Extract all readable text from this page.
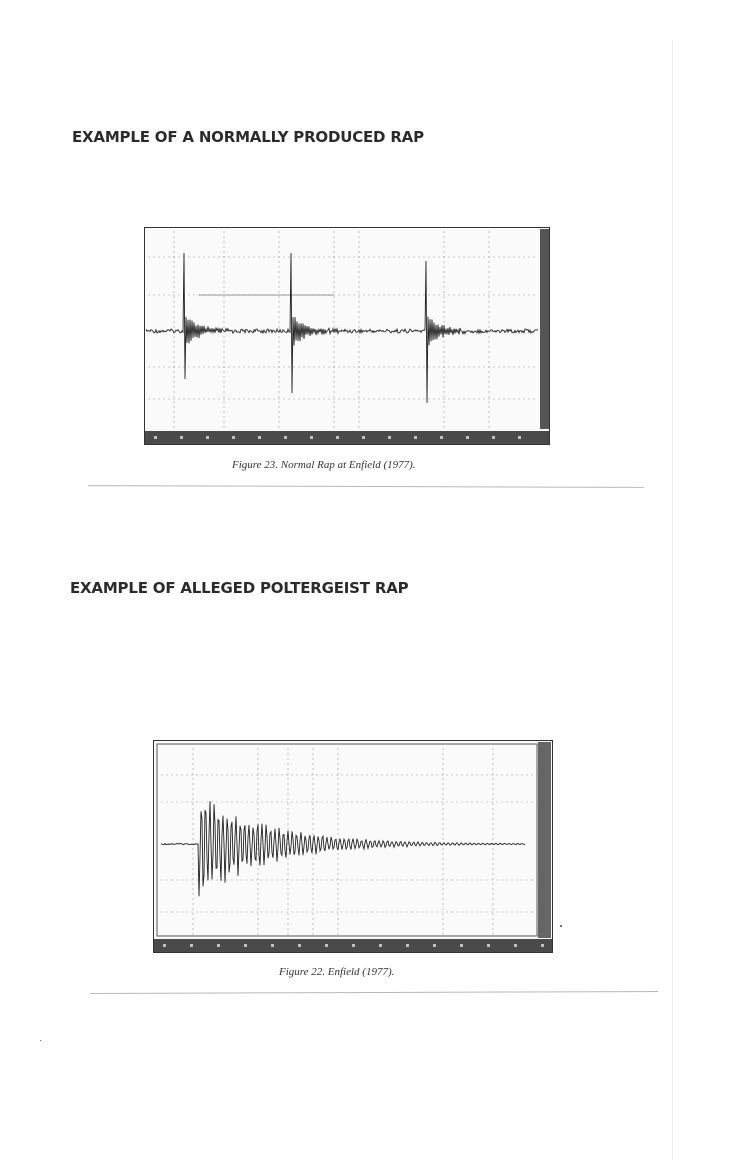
EXAMPLE OF A NORMALLY PRODUCED RAP

Figure 23. Normal Rap at Enfield (1977).

EXAMPLE OF ALLEGED POLTERGEIST RAP

Figure 22. Enfield (1977).
